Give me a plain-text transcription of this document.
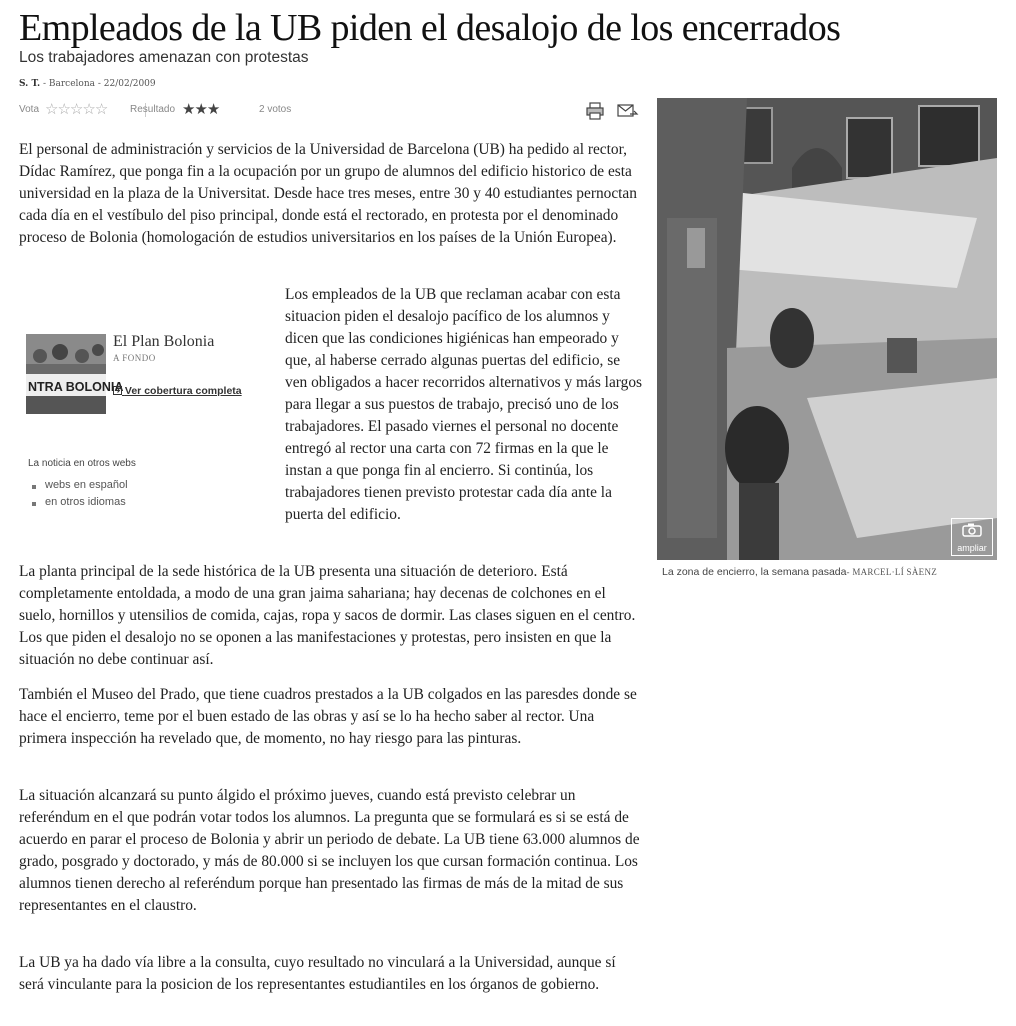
Empleados de la UB piden el desalojo de los encerrados
Los trabajadores amenazan con protestas
S. T. - Barcelona - 22/02/2009
Vota ☆☆☆☆☆ Resultado ★★★	2 votos

El personal de administración y servicios de la Universidad de Barcelona (UB) ha pedido al rector, Dídac Ramírez, que ponga fin a la ocupación por un grupo de alumnos del edificio historico de esta universidad en la plaza de la Universitat. Desde hace tres meses, entre 30 y 40 estudiantes pernoctan cada día en el vestíbulo del piso principal, donde está el rectorado, en protesta por el denominado proceso de Bolonia (homologación de estudios universitarios en los países de la Unión Europea).

NTRA BOLONIA
El Plan Bolonia
A FONDO
Ver cobertura completa
La noticia en otros webs
webs en español
en otros idiomas

Los empleados de la UB que reclaman acabar con esta situacion piden el desalojo pacífico de los alumnos y dicen que las condiciones higiénicas han empeorado y que, al haberse cerrado algunas puertas del edificio, se ven obligados a hacer recorridos alternativos y más largos para llegar a sus puestos de trabajo, precisó uno de los trabajadores. El pasado viernes el personal no docente entregó al rector una carta con 72 firmas en la que le instan a que ponga fin al encierro. Si continúa, los trabajadores tienen previsto protestar cada día ante la puerta del edificio.

La planta principal de la sede histórica de la UB presenta una situación de deterioro. Está completamente entoldada, a modo de una gran jaima sahariana; hay decenas de colchones en el suelo, hornillos y utensilios de comida, cajas, ropa y sacos de dormir. Las clases siguen en el centro. Los que piden el desalojo no se oponen a las manifestaciones y protestas, pero insisten en que la situación no debe continuar así.

También el Museo del Prado, que tiene cuadros prestados a la UB colgados en las paresdes donde se hace el encierro, teme por el buen estado de las obras y así se lo ha hecho saber al rector. Una primera inspección ha revelado que, de momento, no hay riesgo para las pinturas.

La situación alcanzará su punto álgido el próximo jueves, cuando está previsto celebrar un referéndum en el que podrán votar todos los alumnos. La pregunta que se formulará es si se está de acuerdo en parar el proceso de Bolonia y abrir un periodo de debate. La UB tiene 63.000 alumnos de grado, posgrado y doctorado, y más de 80.000 si se incluyen los que cursan formación continua. Los alumnos tienen derecho al referéndum porque han presentado las firmas de más de la mitad de sus representantes en el claustro.

La UB ya ha dado vía libre a la consulta, cuyo resultado no vinculará a la Universidad, aunque sí será vinculante para la posicion de los representantes estudiantiles en los órganos de gobierno.

ampliar
La zona de encierro, la semana pasada- MARCEL·LÍ SÀENZ
